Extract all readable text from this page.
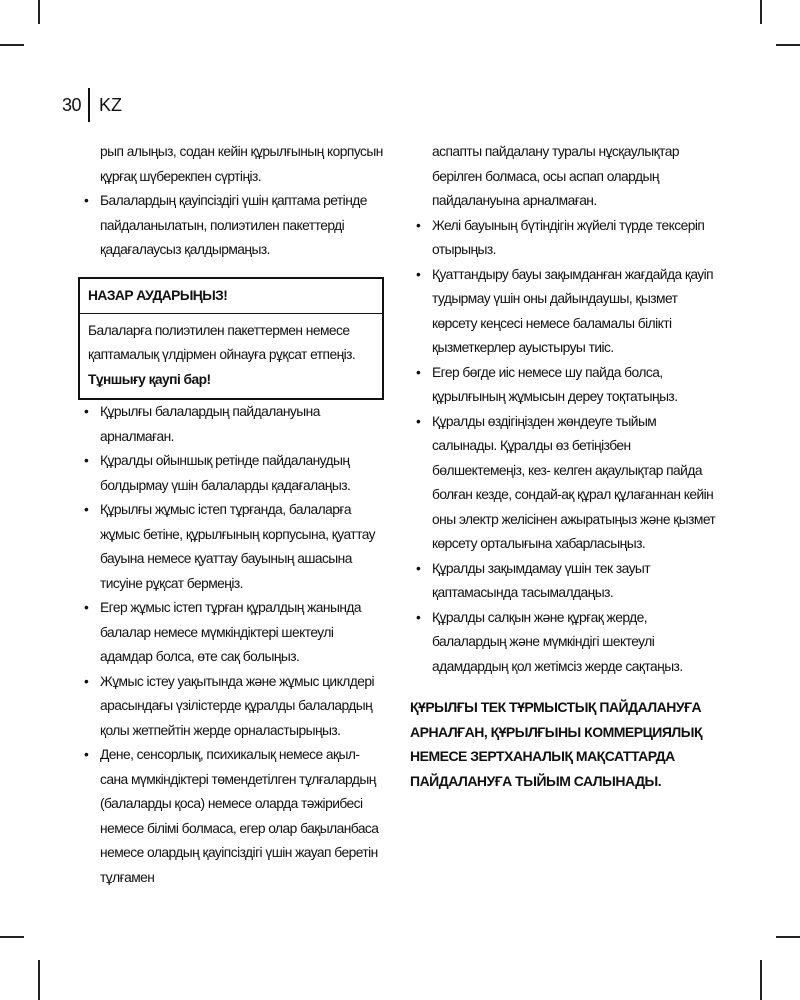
30 KZ

рып алыңыз, содан кейін құрылғының корпусын құрғақ шүберекпен сүртіңіз.

• Балалардың қауіпсіздігі үшін қаптама ретінде пайдаланылатын, полиэтилен пакеттерді қадағалаусыз қалдырмаңыз.
НАЗАР АУДАРЫҢЫЗ!
Балаларға полиэтилен пакеттермен немесе қаптамалық үлдірмен ойнауға рұқсат етпеңіз. Тұншығу қаупі бар!
• Құрылғы балалардың пайдалануына арналмаған.
• Құралды ойыншық ретінде пайдаланудың болдырмау үшін балаларды қадағалаңыз.
• Құрылғы жұмыс істеп тұрғанда, балаларға жұмыс бетіне, құрылғының корпусына, қуаттау бауына немесе қуаттау бауының ашасына тисуіне рұқсат бермеңіз.
• Егер жұмыс істеп тұрған құралдың жанында балалар немесе мүмкіндіктері шектеулі адамдар болса, өте сақ болыңыз.
• Жұмыс істеу уақытында және жұмыс циклдері арасындағы үзілістерде құралды балалардың қолы жетпейтін жерде орналастырыңыз.
• Дене, сенсорлық, психикалық немесе ақыл-сана мүмкіндіктері төмендетілген тұлғалардың (балаларды қоса) немесе оларда тәжірибесі немесе білімі болмаса, егер олар бақыланбаса немесе олардың қауіпсіздігі үшін жауап беретін тұлғамен

аспапты пайдалану туралы нұсқаулықтар берілген болмаса, осы аспап олардың пайдалануына арналмаған.

• Желі бауының бүтіндігін жүйелі түрде тексеріп отырыңыз.
• Қуаттандыру бауы зақымданған жағдайда қауіп тудырмау үшін оны дайындаушы, қызмет көрсету кеңсесі немесе баламалы білікті қызметкерлер ауыстыруы тиіс.
• Егер бөгде иіс немесе шу пайда болса, құрылғының жұмысын дереу тоқтатыңыз.
• Құралды өздігіңізден жөндеуге тыйым салынады. Құралды өз бетіңізбен бөлшектемеңіз, кез- келген ақаулықтар пайда болған кезде, сондай-ақ құрал құлағаннан кейін оны электр желісінен ажыратыңыз және қызмет көрсету орталығына хабарласыңыз.
• Құралды зақымдамау үшін тек зауыт қаптамасында тасымалдаңыз.
• Құралды салқын және құрғақ жерде, балалардың және мүмкіндігі шектеулі адамдардың қол жетімсіз жерде сақтаңыз.
ҚҰРЫЛҒЫ ТЕК ТҰРМЫСТЫҚ ПАЙДАЛАНУҒА АРНАЛҒАН, ҚҰРЫЛҒЫНЫ КОММЕРЦИЯЛЫҚ НЕМЕСЕ ЗЕРТХАНАЛЫҚ МАҚСАТТАРДА ПАЙДАЛАНУҒА ТЫЙЫМ САЛЫНАДЫ.
